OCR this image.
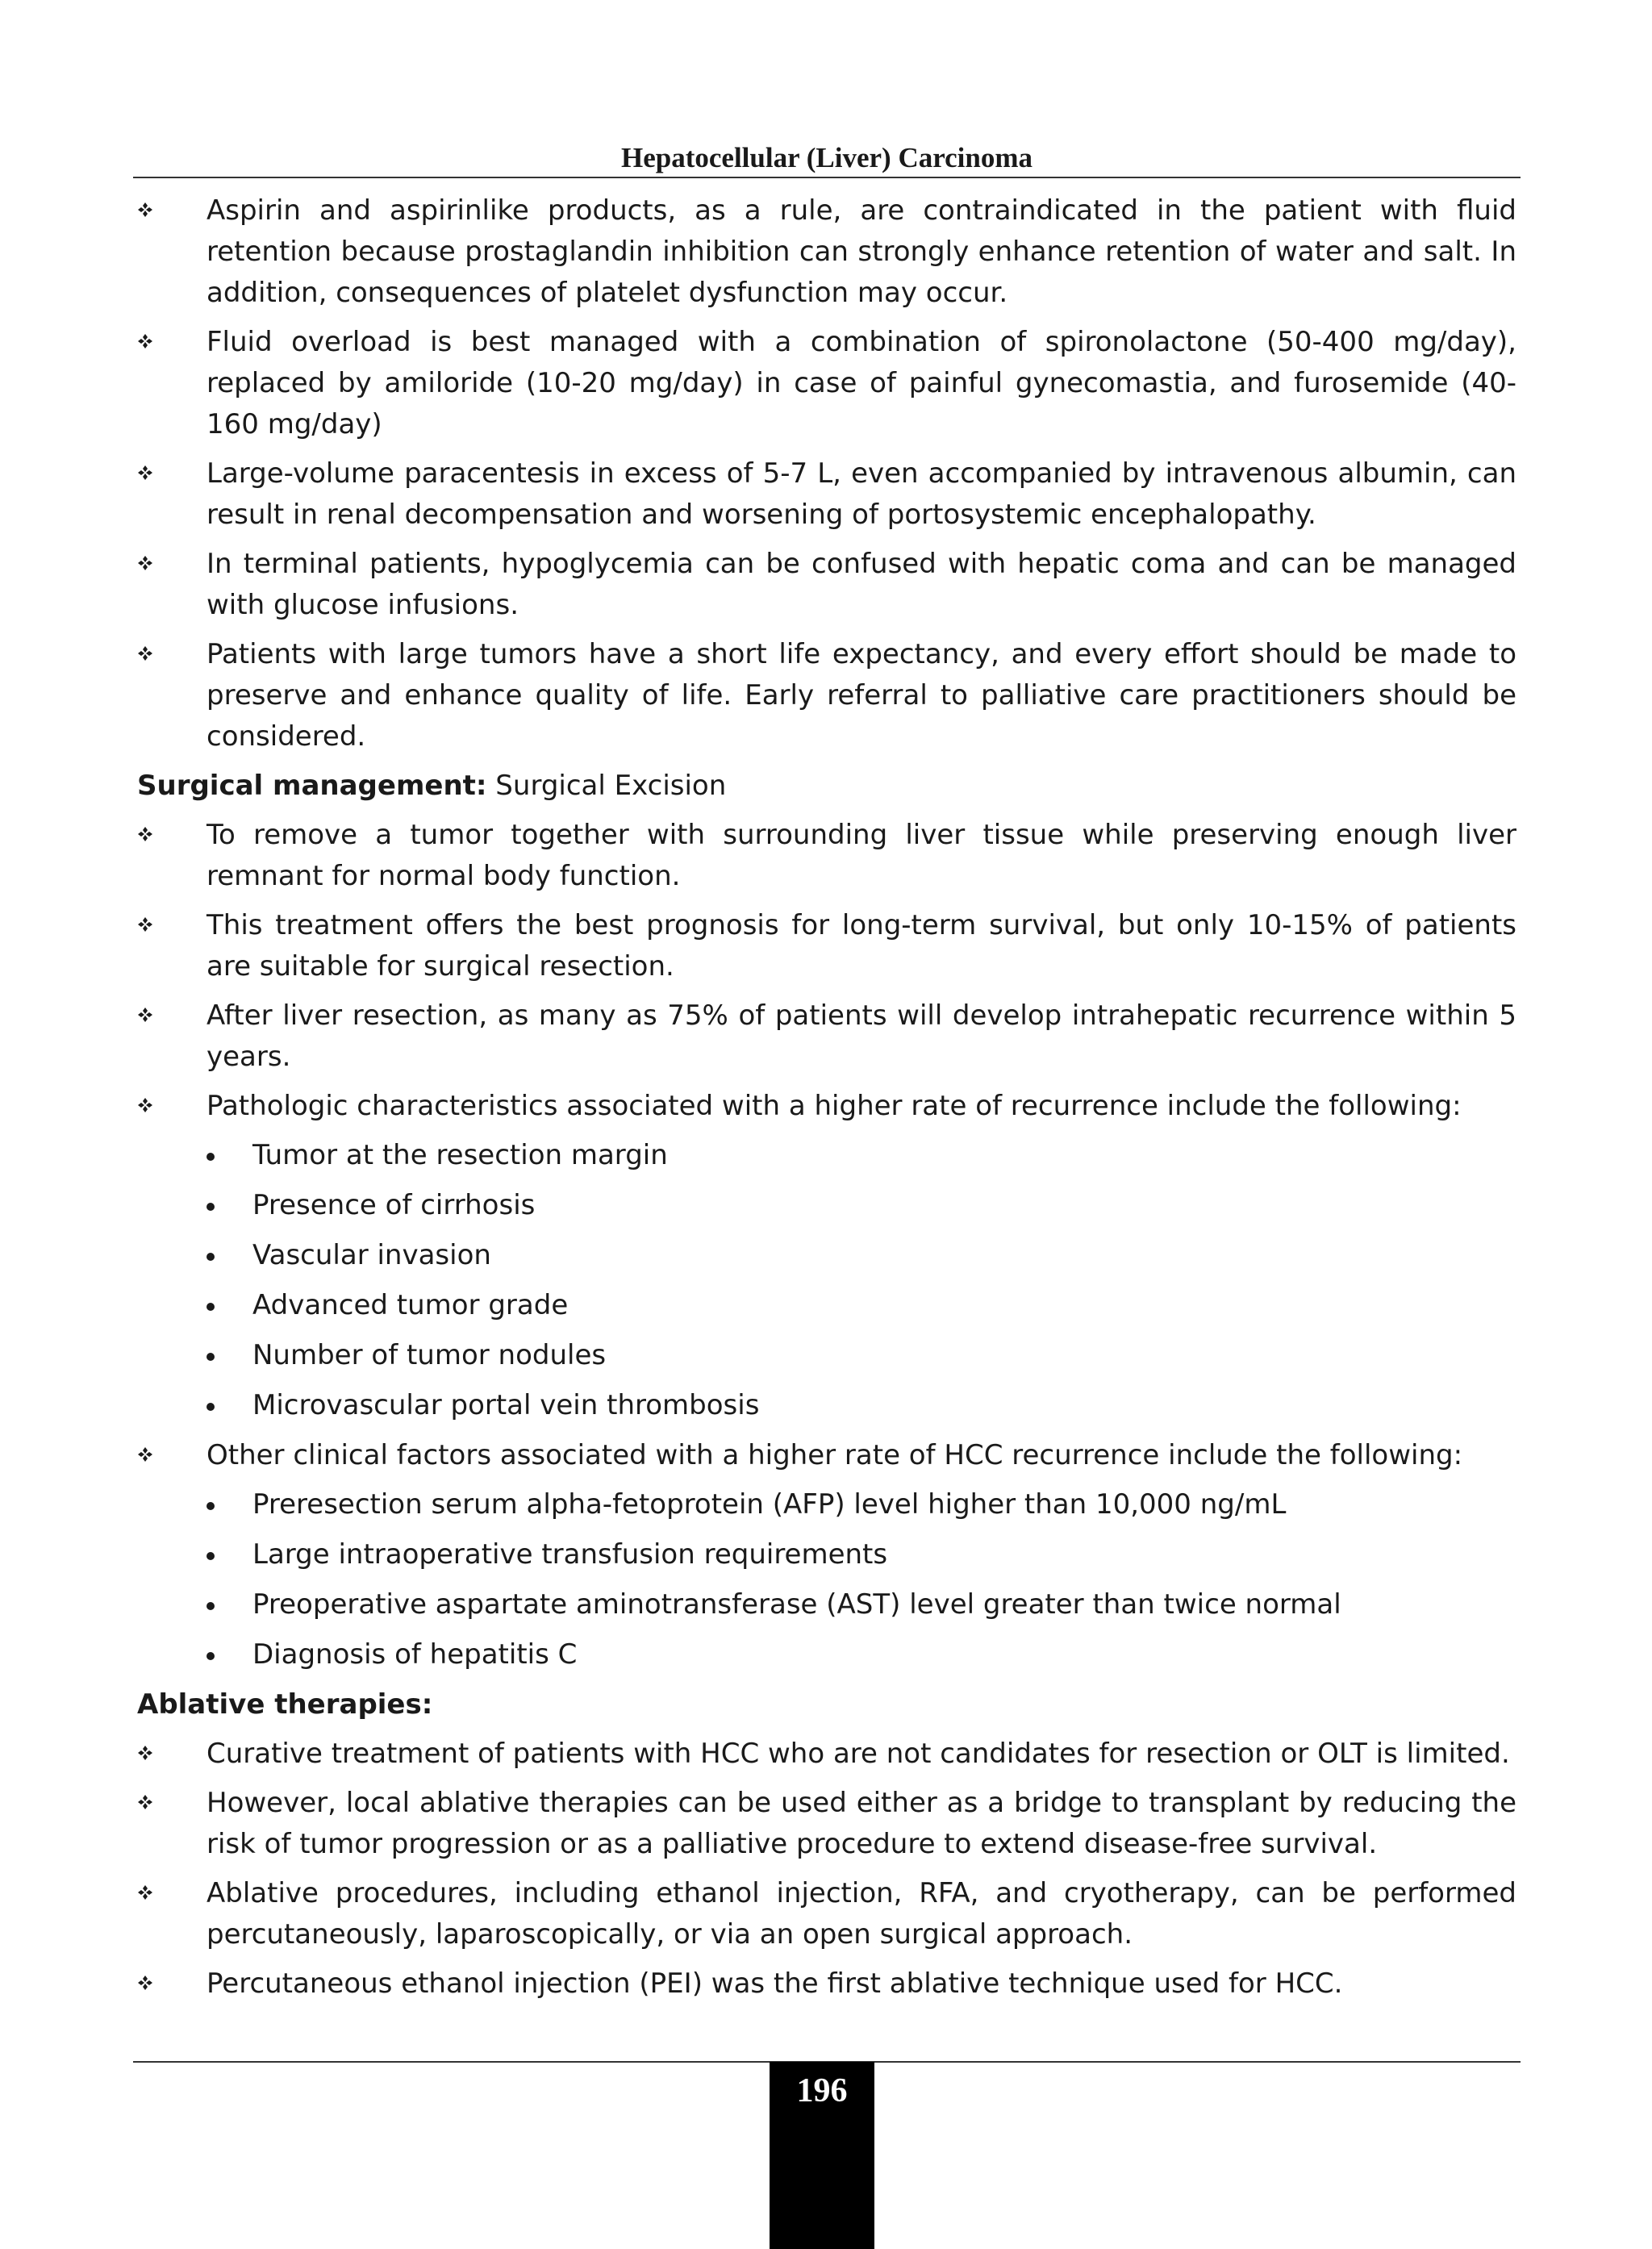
Hepatocellular (Liver) Carcinoma
Aspirin and aspirinlike products, as a rule, are contraindicated in the patient with fluid retention because prostaglandin inhibition can strongly enhance retention of water and salt. In addition, consequences of platelet dysfunction may occur.
Fluid overload is best managed with a combination of spironolactone (50-400 mg/day), replaced by amiloride (10-20 mg/day) in case of painful gynecomastia, and furosemide (40-160 mg/day)
Large-volume paracentesis in excess of 5-7 L, even accompanied by intravenous albumin, can result in renal decompensation and worsening of portosystemic encephalopathy.
In terminal patients, hypoglycemia can be confused with hepatic coma and can be managed with glucose infusions.
Patients with large tumors have a short life expectancy, and every effort should be made to preserve and enhance quality of life. Early referral to palliative care practitioners should be considered.
Surgical management: Surgical Excision
To remove a tumor together with surrounding liver tissue while preserving enough liver remnant for normal body function.
This treatment offers the best prognosis for long-term survival, but only 10-15% of patients are suitable for surgical resection.
After liver resection, as many as 75% of patients will develop intrahepatic recurrence within 5 years.
Pathologic characteristics associated with a higher rate of recurrence include the following:
Tumor at the resection margin
Presence of cirrhosis
Vascular invasion
Advanced tumor grade
Number of tumor nodules
Microvascular portal vein thrombosis
Other clinical factors associated with a higher rate of HCC recurrence include the following:
Preresection serum alpha-fetoprotein (AFP) level higher than 10,000 ng/mL
Large intraoperative transfusion requirements
Preoperative aspartate aminotransferase (AST) level greater than twice normal
Diagnosis of hepatitis C
Ablative therapies:
Curative treatment of patients with HCC who are not candidates for resection or OLT is limited.
However, local ablative therapies can be used either as a bridge to transplant by reducing the risk of tumor progression or as a palliative procedure to extend disease-free survival.
Ablative procedures, including ethanol injection, RFA, and cryotherapy, can be performed percutaneously, laparoscopically, or via an open surgical approach.
Percutaneous ethanol injection (PEI) was the first ablative technique used for HCC.
196
